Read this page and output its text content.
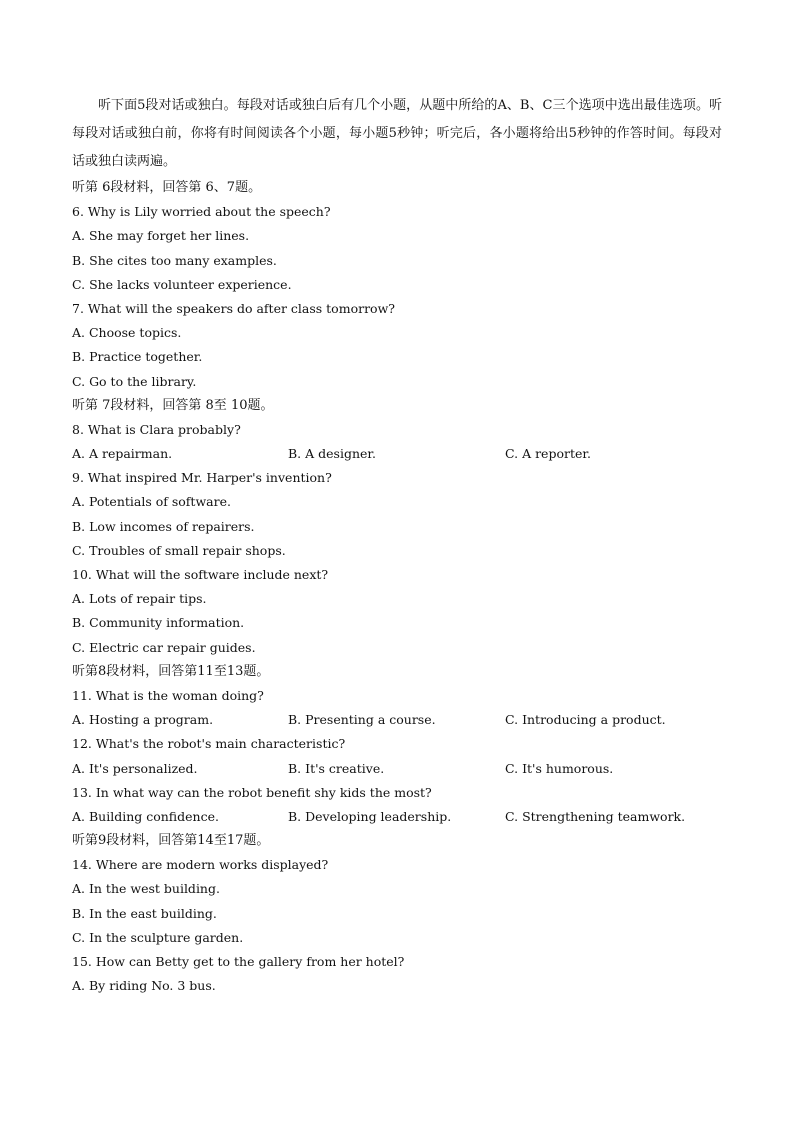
听下面5段对话或独白。每段对话或独白后有几个小题，从题中所给的A、B、C三个选项中选出最佳选项。听每段对话或独白前，你将有时间阅读各个小题，每小题5秒钟；听完后，各小题将给出5秒钟的作答时间。每段对话或独白读两遍。

听第 6段材料，回答第 6、7题。
6. Why is Lily worried about the speech?
A. She may forget her lines.
B. She cites too many examples.
C. She lacks volunteer experience.
7. What will the speakers do after class tomorrow?
A. Choose topics.
B. Practice together.
C. Go to the library.
听第 7段材料，回答第 8至 10题。
8. What is Clara probably?
A. A repairman.	B. A designer.	C. A reporter.
9. What inspired Mr. Harper's invention?
A. Potentials of software.
B. Low incomes of repairers.
C. Troubles of small repair shops.
10. What will the software include next?
A. Lots of repair tips.
B. Community information.
C. Electric car repair guides.
听第8段材料，回答第11至13题。
11. What is the woman doing?
A. Hosting a program.	B. Presenting a course.	C. Introducing a product.
12. What's the robot's main characteristic?
A. It's personalized.	B. It's creative.	C. It's humorous.
13. In what way can the robot benefit shy kids the most?
A. Building confidence.	B. Developing leadership.	C. Strengthening teamwork.
听第9段材料，回答第14至17题。
14. Where are modern works displayed?
A. In the west building.
B. In the east building.
C. In the sculpture garden.
15. How can Betty get to the gallery from her hotel?
A. By riding No. 3 bus.
